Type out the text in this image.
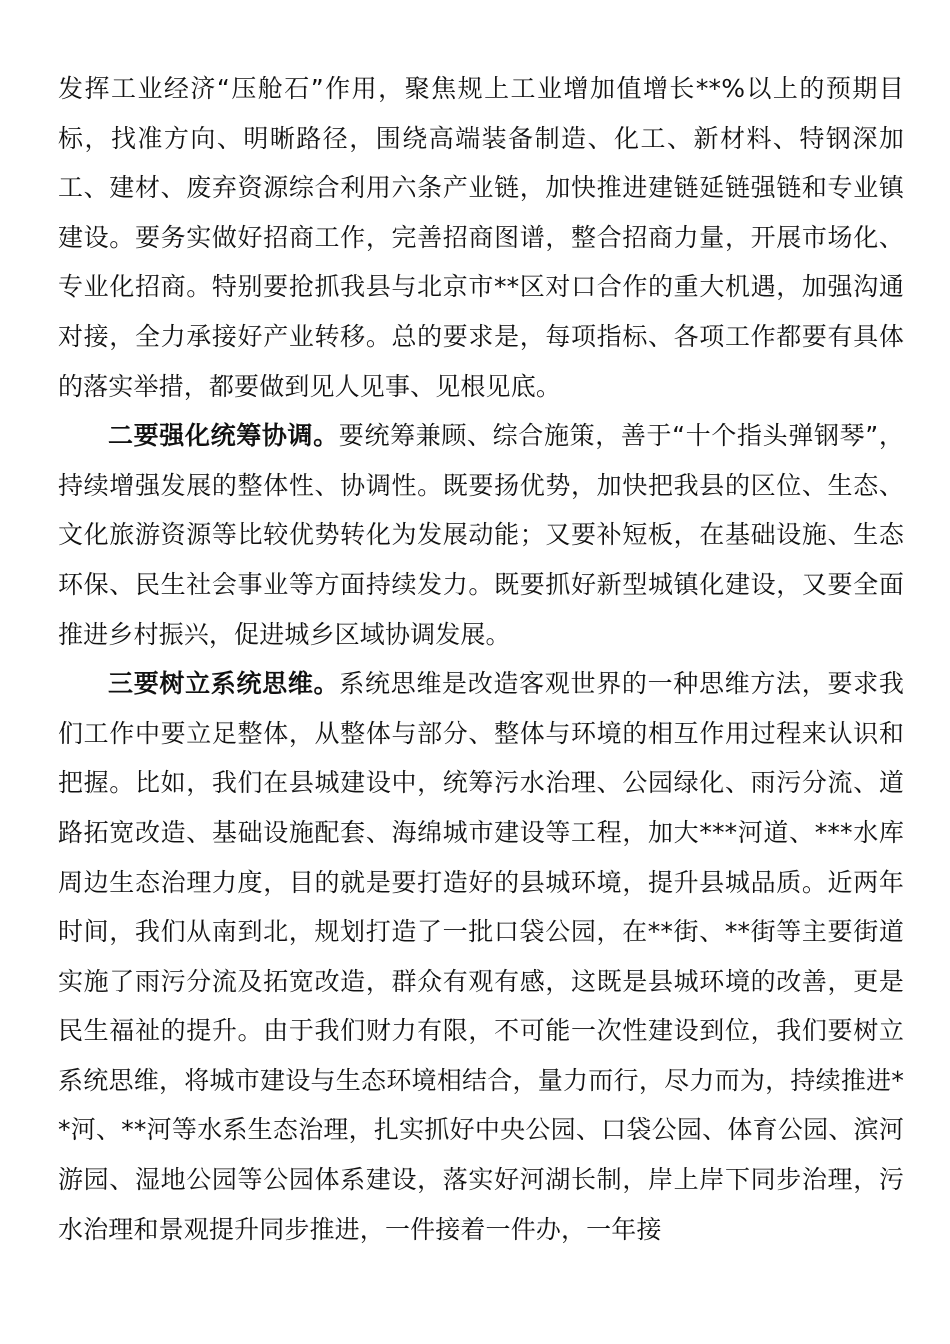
发挥工业经济“压舱石”作用，聚焦规上工业增加值增长**%以上的预期目标，找准方向、明晰路径，围绕高端装备制造、化工、新材料、特钢深加工、建材、废弃资源综合利用六条产业链，加快推进建链延链强链和专业镇建设。要务实做好招商工作，完善招商图谱，整合招商力量，开展市场化、专业化招商。特别要抢抓我县与北京市**区对口合作的重大机遇，加强沟通对接，全力承接好产业转移。总的要求是，每项指标、各项工作都要有具体的落实举措，都要做到见人见事、见根见底。

二要强化统筹协调。要统筹兼顾、综合施策，善于“十个指头弹钢琴”，持续增强发展的整体性、协调性。既要扬优势，加快把我县的区位、生态、文化旅游资源等比较优势转化为发展动能；又要补短板，在基础设施、生态环保、民生社会事业等方面持续发力。既要抓好新型城镇化建设，又要全面推进乡村振兴，促进城乡区域协调发展。

三要树立系统思维。系统思维是改造客观世界的一种思维方法，要求我们工作中要立足整体，从整体与部分、整体与环境的相互作用过程来认识和把握。比如，我们在县城建设中，统筹污水治理、公园绿化、雨污分流、道路拓宽改造、基础设施配套、海绵城市建设等工程，加大***河道、***水库周边生态治理力度，目的就是要打造好的县城环境，提升县城品质。近两年时间，我们从南到北，规划打造了一批口袋公园，在**街、**街等主要街道实施了雨污分流及拓宽改造，群众有观有感，这既是县城环境的改善，更是民生福祉的提升。由于我们财力有限，不可能一次性建设到位，我们要树立系统思维，将城市建设与生态环境相结合，量力而行，尽力而为，持续推进**河、**河等水系生态治理，扎实抓好中央公园、口袋公园、体育公园、滨河游园、湿地公园等公园体系建设，落实好河湖长制，岸上岸下同步治理，污水治理和景观提升同步推进，一件接着一件办，一年接
